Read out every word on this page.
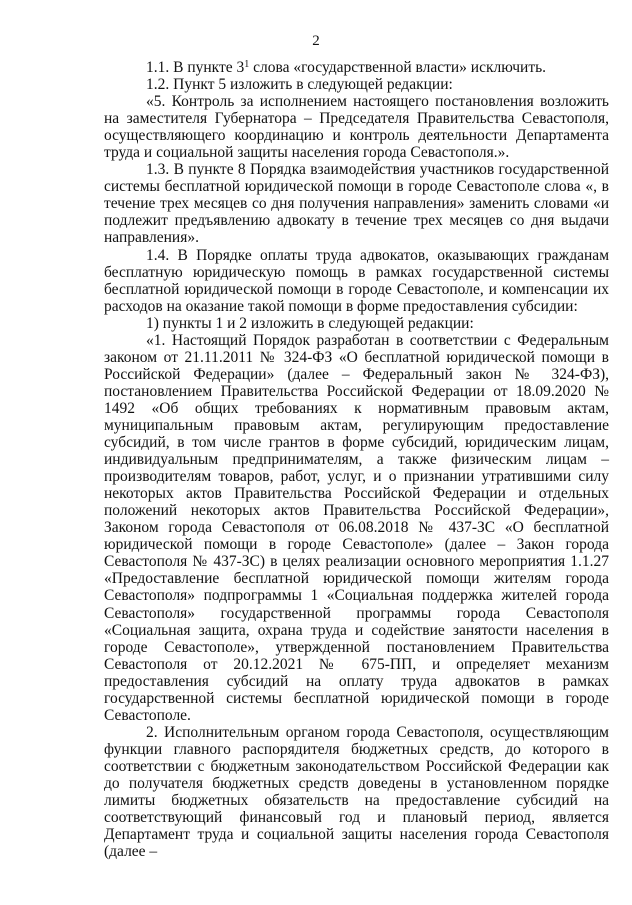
2

1.1. В пункте $3^1$ слова «государственной власти» исключить.

1.2. Пункт 5 изложить в следующей редакции:

«5. Контроль за исполнением настоящего постановления возложить на заместителя Губернатора – Председателя Правительства Севастополя, осуществляющего координацию и контроль деятельности Департамента труда и социальной защиты населения города Севастополя.».

1.3. В пункте 8 Порядка взаимодействия участников государственной системы бесплатной юридической помощи в городе Севастополе слова «, в течение трех месяцев со дня получения направления» заменить словами «и подлежит предъявлению адвокату в течение трех месяцев со дня выдачи направления».

1.4. В Порядке оплаты труда адвокатов, оказывающих гражданам бесплатную юридическую помощь в рамках государственной системы бесплатной юридической помощи в городе Севастополе, и компенсации их расходов на оказание такой помощи в форме предоставления субсидии:

1) пункты 1 и 2 изложить в следующей редакции:

«1. Настоящий Порядок разработан в соответствии с Федеральным законом от 21.11.2011 № 324-ФЗ «О бесплатной юридической помощи в Российской Федерации» (далее – Федеральный закон № 324-ФЗ), постановлением Правительства Российской Федерации от 18.09.2020 № 1492 «Об общих требованиях к нормативным правовым актам, муниципальным правовым актам, регулирующим предоставление субсидий, в том числе грантов в форме субсидий, юридическим лицам, индивидуальным предпринимателям, а также физическим лицам – производителям товаров, работ, услуг, и о признании утратившими силу некоторых актов Правительства Российской Федерации и отдельных положений некоторых актов Правительства Российской Федерации», Законом города Севастополя от 06.08.2018 № 437-ЗС «О бесплатной юридической помощи в городе Севастополе» (далее – Закон города Севастополя № 437-ЗС) в целях реализации основного мероприятия 1.1.27 «Предоставление бесплатной юридической помощи жителям города Севастополя» подпрограммы 1 «Социальная поддержка жителей города Севастополя» государственной программы города Севастополя «Социальная защита, охрана труда и содействие занятости населения в городе Севастополе», утвержденной постановлением Правительства Севастополя от 20.12.2021 № 675-ПП, и определяет механизм предоставления субсидий на оплату труда адвокатов в рамках государственной системы бесплатной юридической помощи в городе Севастополе.

2. Исполнительным органом города Севастополя, осуществляющим функции главного распорядителя бюджетных средств, до которого в соответствии с бюджетным законодательством Российской Федерации как до получателя бюджетных средств доведены в установленном порядке лимиты бюджетных обязательств на предоставление субсидий на соответствующий финансовый год и плановый период, является Департамент труда и социальной защиты населения города Севастополя (далее –
